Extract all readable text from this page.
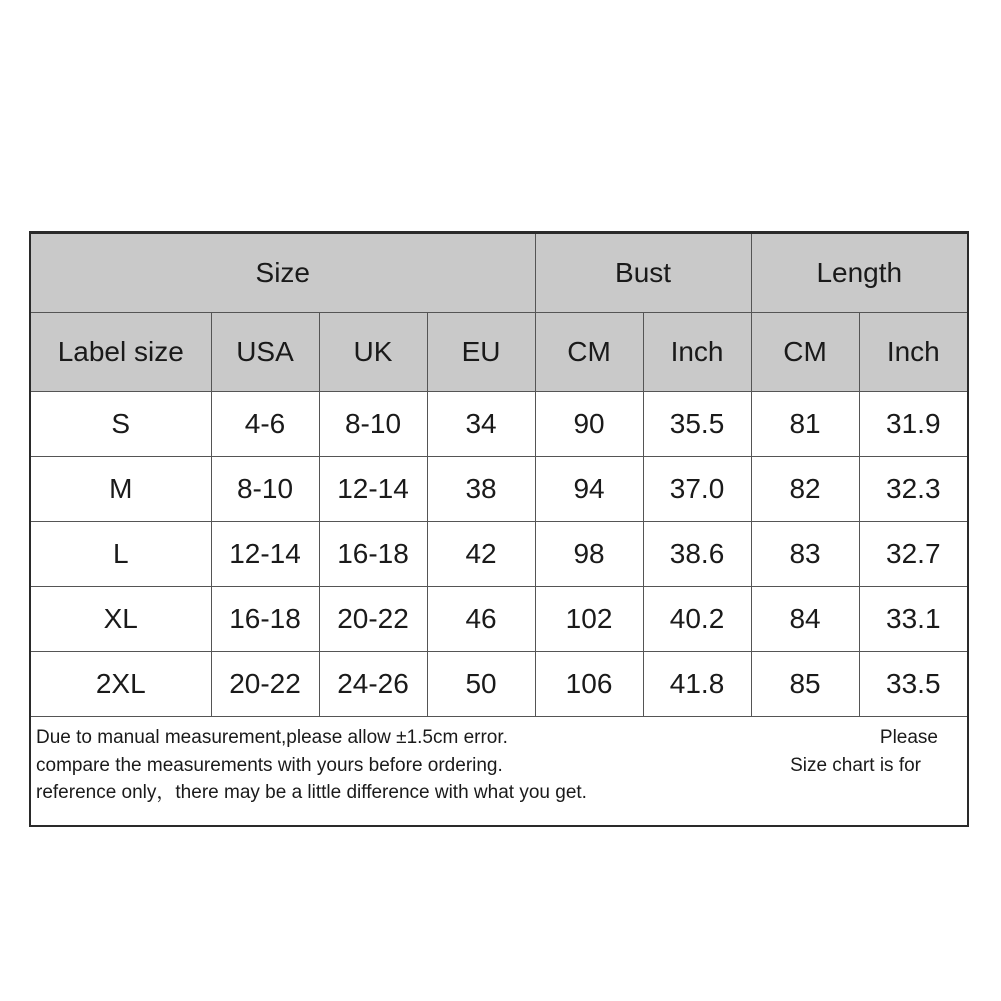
Size				Bust		Length	
Label size	USA	UK	EU	CM	Inch	CM	Inch
S	4-6	8-10	34	90	35.5	81	31.9
M	8-10	12-14	38	94	37.0	82	32.3
L	12-14	16-18	42	98	38.6	83	32.7
XL	16-18	20-22	46	102	40.2	84	33.1
2XL	20-22	24-26	50	106	41.8	85	33.5

Due to manual measurement,please allow ±1.5cm error.
compare the measurements with yours before ordering.
reference only，there may be a little difference with what you get.
Please
Size chart is for							
